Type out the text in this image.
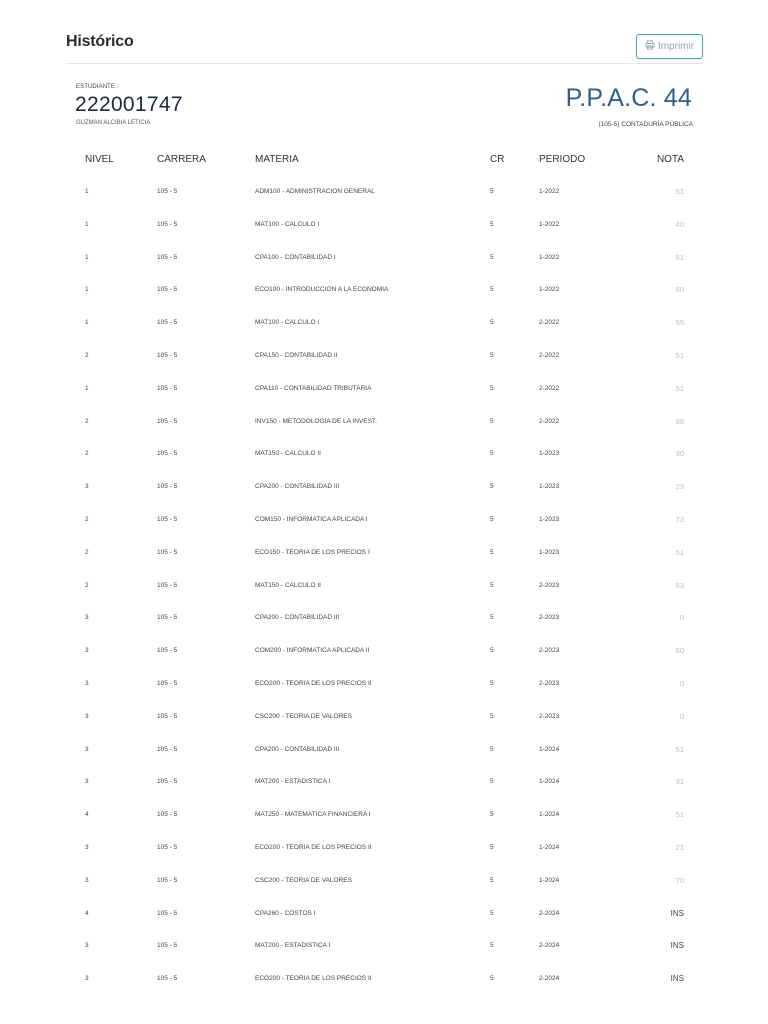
Histórico	Imprimir
ESTUDIANTE :
222001747
GUZMAN ALCIBIA LETICIA
P.P.A.C. 44
(105-5) CONTADURÍA PÚBLICA
NIVEL	CARRERA	MATERIA	CR	PERIODO	NOTA
1	105 - 5	ADM100 - ADMINISTRACION GENERAL	5	1-2022	51
1	105 - 5	MAT100 - CALCULO I	5	1-2022	40
1	105 - 5	CPA100 - CONTABILIDAD I	5	1-2022	51
1	105 - 5	ECO100 - INTRODUCCION A LA ECONOMIA	5	1-2022	60
1	105 - 5	MAT100 - CALCULO I	5	2-2022	55
2	105 - 5	CPA150 - CONTABILIDAD II	5	2-2022	51
1	105 - 5	CPA110 - CONTABILIDAD TRIBUTARIA	5	2-2022	51
2	105 - 5	INV150 - METODOLOGIA DE LA INVEST.	5	2-2022	98
2	105 - 5	MAT150 - CALCULO II	5	1-2023	30
3	105 - 5	CPA200 - CONTABILIDAD III	5	1-2023	23
2	105 - 5	COM150 - INFORMATICA APLICADA I	5	1-2023	73
2	105 - 5	ECO150 - TEORIA DE LOS PRECIOS I	5	1-2023	51
2	105 - 5	MAT150 - CALCULO II	5	2-2023	53
3	105 - 5	CPA200 - CONTABILIDAD III	5	2-2023	0
3	105 - 5	COM200 - INFORMATICA APLICADA II	5	2-2023	60
3	105 - 5	ECO200 - TEORIA DE LOS PRECIOS II	5	2-2023	0
3	105 - 5	CSC200 - TEORIA DE VALORES	5	2-2023	0
3	105 - 5	CPA200 - CONTABILIDAD III	5	1-2024	51
3	105 - 5	MAT200 - ESTADISTICA I	5	1-2024	31
4	105 - 5	MAT250 - MATEMATICA FINANCIERA I	5	1-2024	51
3	105 - 5	ECO200 - TEORIA DE LOS PRECIOS II	5	1-2024	21
3	105 - 5	CSC200 - TEORIA DE VALORES	5	1-2024	70
4	105 - 5	CPA260 - COSTOS I	5	2-2024	INS
3	105 - 5	MAT200 - ESTADISTICA I	5	2-2024	INS
3	105 - 5	ECO200 - TEORIA DE LOS PRECIOS II	5	2-2024	INS
